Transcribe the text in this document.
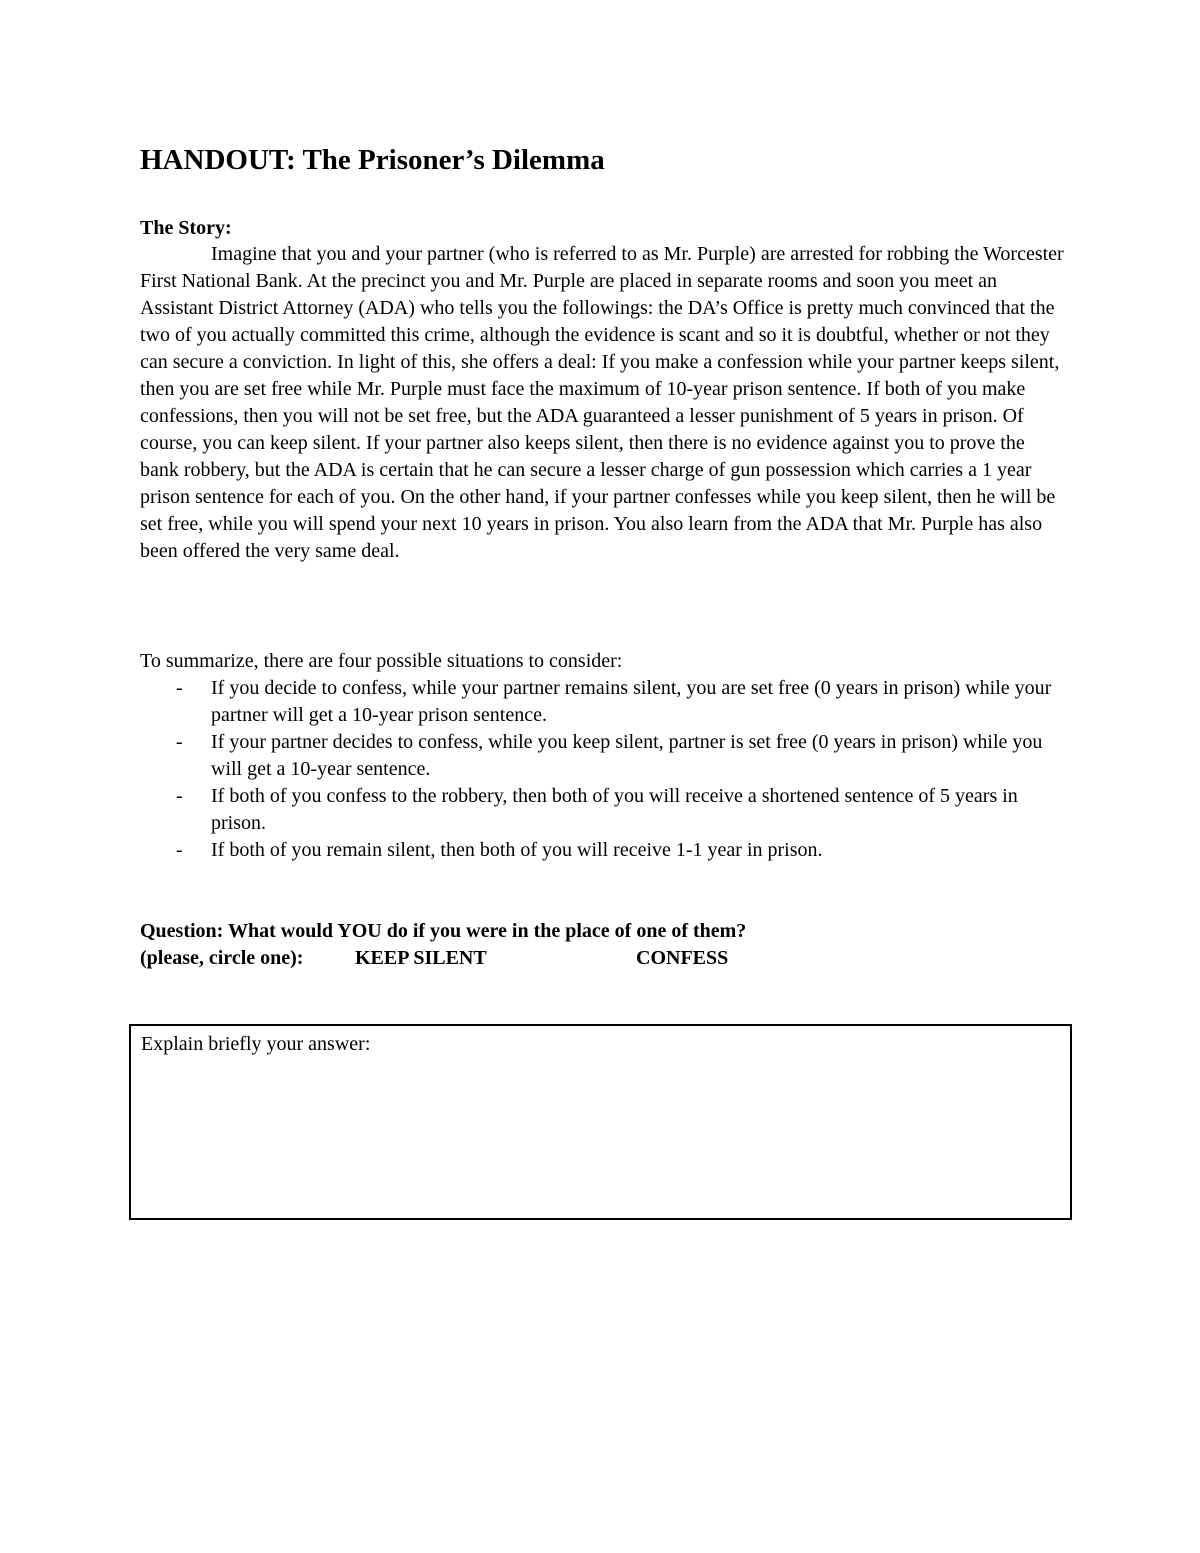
HANDOUT: The Prisoner’s Dilemma
The Story:

Imagine that you and your partner (who is referred to as Mr. Purple) are arrested for robbing the Worcester First National Bank. At the precinct you and Mr. Purple are placed in separate rooms and soon you meet an Assistant District Attorney (ADA) who tells you the followings: the DA’s Office is pretty much convinced that the two of you actually committed this crime, although the evidence is scant and so it is doubtful, whether or not they can secure a conviction. In light of this, she offers a deal: If you make a confession while your partner keeps silent, then you are set free while Mr. Purple must face the maximum of 10-year prison sentence. If both of you make confessions, then you will not be set free, but the ADA guaranteed a lesser punishment of 5 years in prison. Of course, you can keep silent. If your partner also keeps silent, then there is no evidence against you to prove the bank robbery, but the ADA is certain that he can secure a lesser charge of gun possession which carries a 1 year prison sentence for each of you. On the other hand, if your partner confesses while you keep silent, then he will be set free, while you will spend your next 10 years in prison. You also learn from the ADA that Mr. Purple has also been offered the very same deal.

To summarize, there are four possible situations to consider:
- If you decide to confess, while your partner remains silent, you are set free (0 years in prison) while your partner will get a 10-year prison sentence.
- If your partner decides to confess, while you keep silent, partner is set free (0 years in prison) while you will get a 10-year sentence.
- If both of you confess to the robbery, then both of you will receive a shortened sentence of 5 years in prison.
- If both of you remain silent, then both of you will receive 1-1 year in prison.
Question: What would YOU do if you were in the place of one of them?
(please, circle one):	KEEP SILENT	CONFESS
Explain briefly your answer:
